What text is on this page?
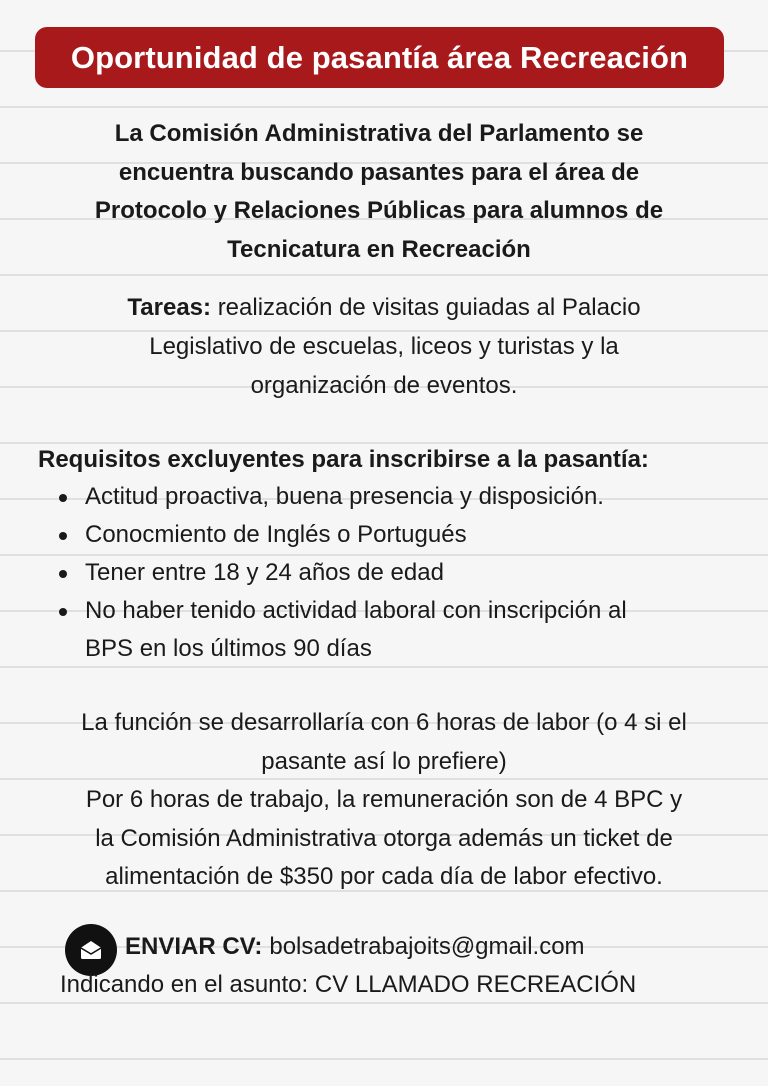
Oportunidad de pasantía área Recreación
La Comisión Administrativa del Parlamento se
encuentra buscando pasantes para el área de
Protocolo y Relaciones Públicas para alumnos de
Tecnicatura en Recreación
Tareas: realización de visitas guiadas al Palacio
Legislativo de escuelas, liceos y turistas y la
organización de eventos.
Requisitos excluyentes para inscribirse a la pasantía:
Actitud proactiva, buena presencia y disposición.
Conocmiento de Inglés o Portugués
Tener entre 18 y 24 años de edad
No haber tenido actividad laboral con inscripción al
BPS en los últimos 90 días
La función se desarrollaría con 6 horas de labor (o 4 si el
pasante así lo prefiere)
Por 6 horas de trabajo, la remuneración son de 4 BPC y
la Comisión Administrativa otorga además un ticket de
alimentación de $350 por cada día de labor efectivo.
ENVIAR CV: bolsadetrabajoits@gmail.com
Indicando en el asunto: CV LLAMADO RECREACIÓN
